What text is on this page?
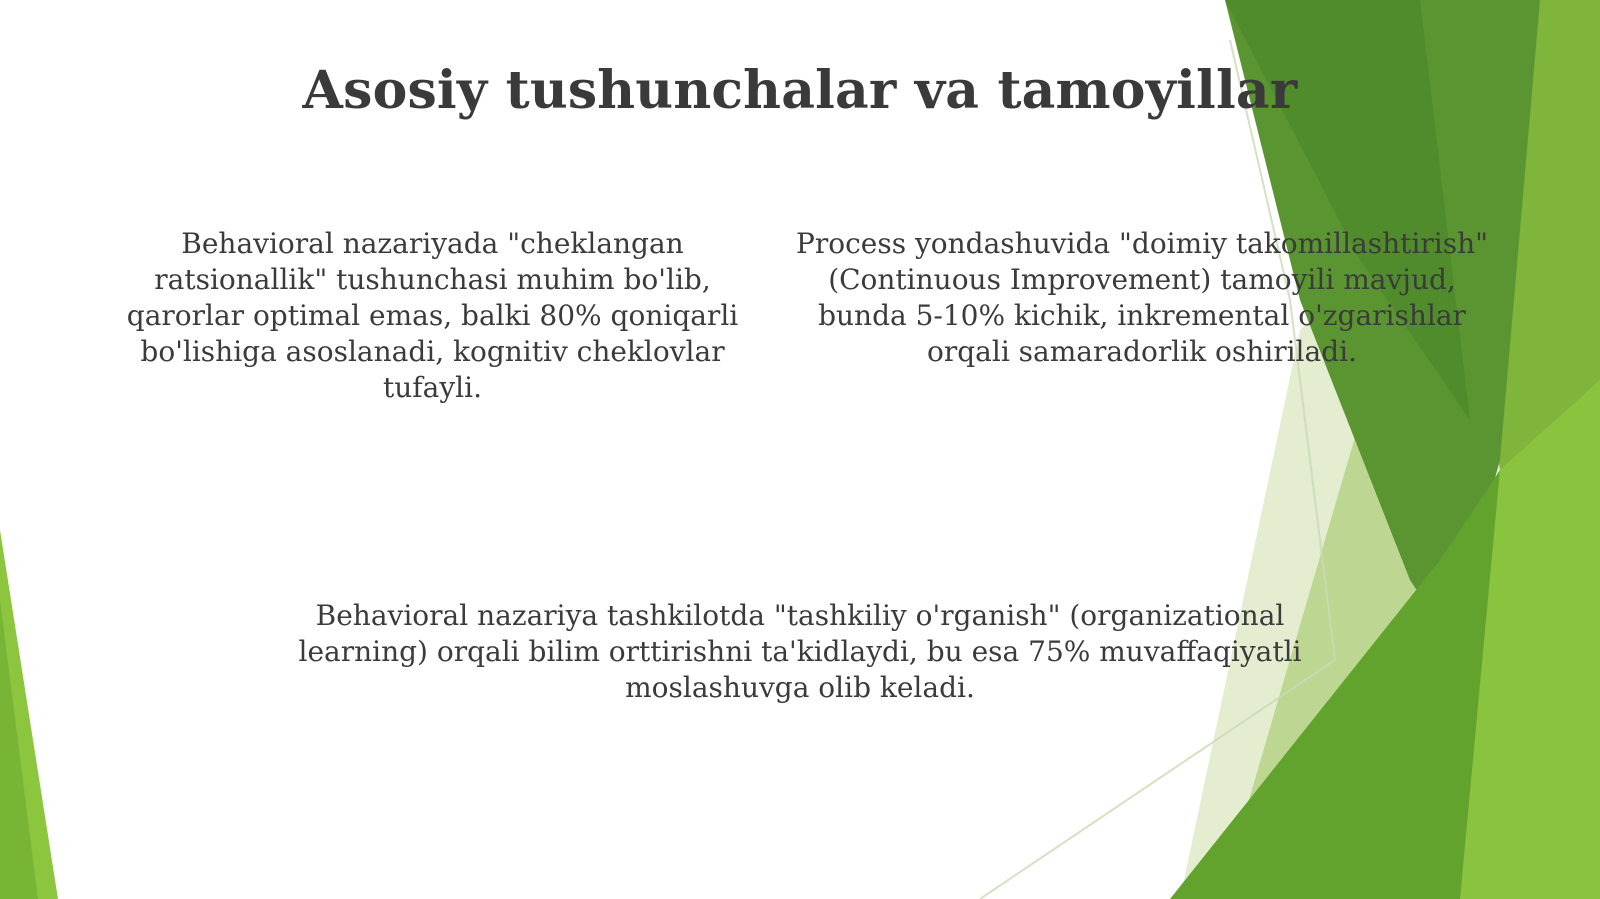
Asosiy tushunchalar va tamoyillar

Behavioral nazariyada "cheklangan ratsionallik" tushunchasi muhim bo'lib, qarorlar optimal emas, balki 80% qoniqarli bo'lishiga asoslanadi, kognitiv cheklovlar tufayli.

Process yondashuvida "doimiy takomillashtirish" (Continuous Improvement) tamoyili mavjud, bunda 5-10% kichik, inkremental o'zgarishlar orqali samaradorlik oshiriladi.

Behavioral nazariya tashkilotda "tashkiliy o'rganish" (organizational learning) orqali bilim orttirishni ta'kidlaydi, bu esa 75% muvaffaqiyatli moslashuvga olib keladi.
